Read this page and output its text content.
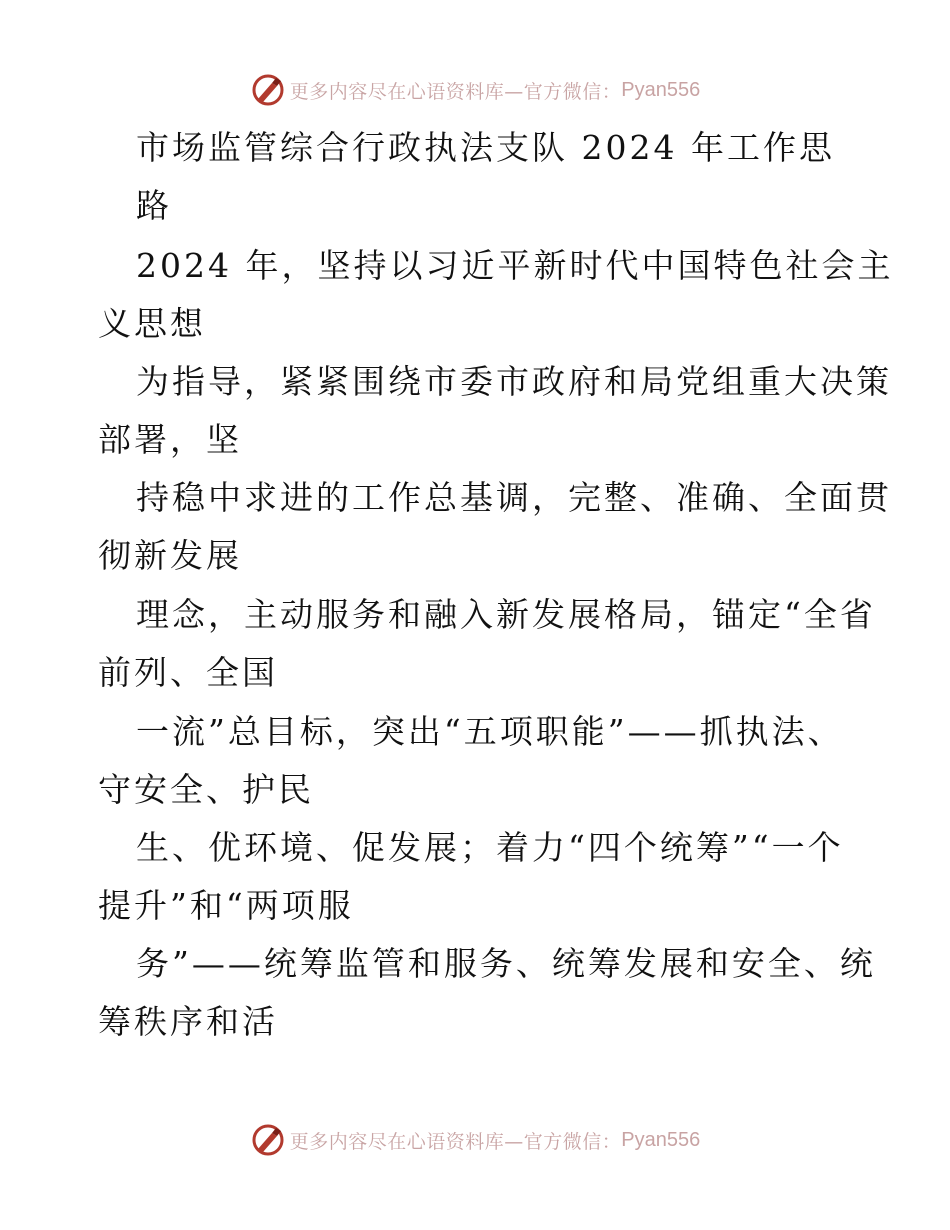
更多内容尽在心语资料库—官方微信： Pyan556
市场监管综合行政执法支队 2024 年工作思
路
2024 年，坚持以习近平新时代中国特色社会主
义思想
为指导，紧紧围绕市委市政府和局党组重大决策
部署，坚
持稳中求进的工作总基调，完整、准确、全面贯
彻新发展
理念，主动服务和融入新发展格局，锚定“全省
前列、全国
一流”总目标，突出“五项职能”——抓执法、
守安全、护民
生、优环境、促发展；着力“四个统筹”“一个
提升”和“两项服
务”——统筹监管和服务、统筹发展和安全、统
筹秩序和活
更多内容尽在心语资料库—官方微信： Pyan556
